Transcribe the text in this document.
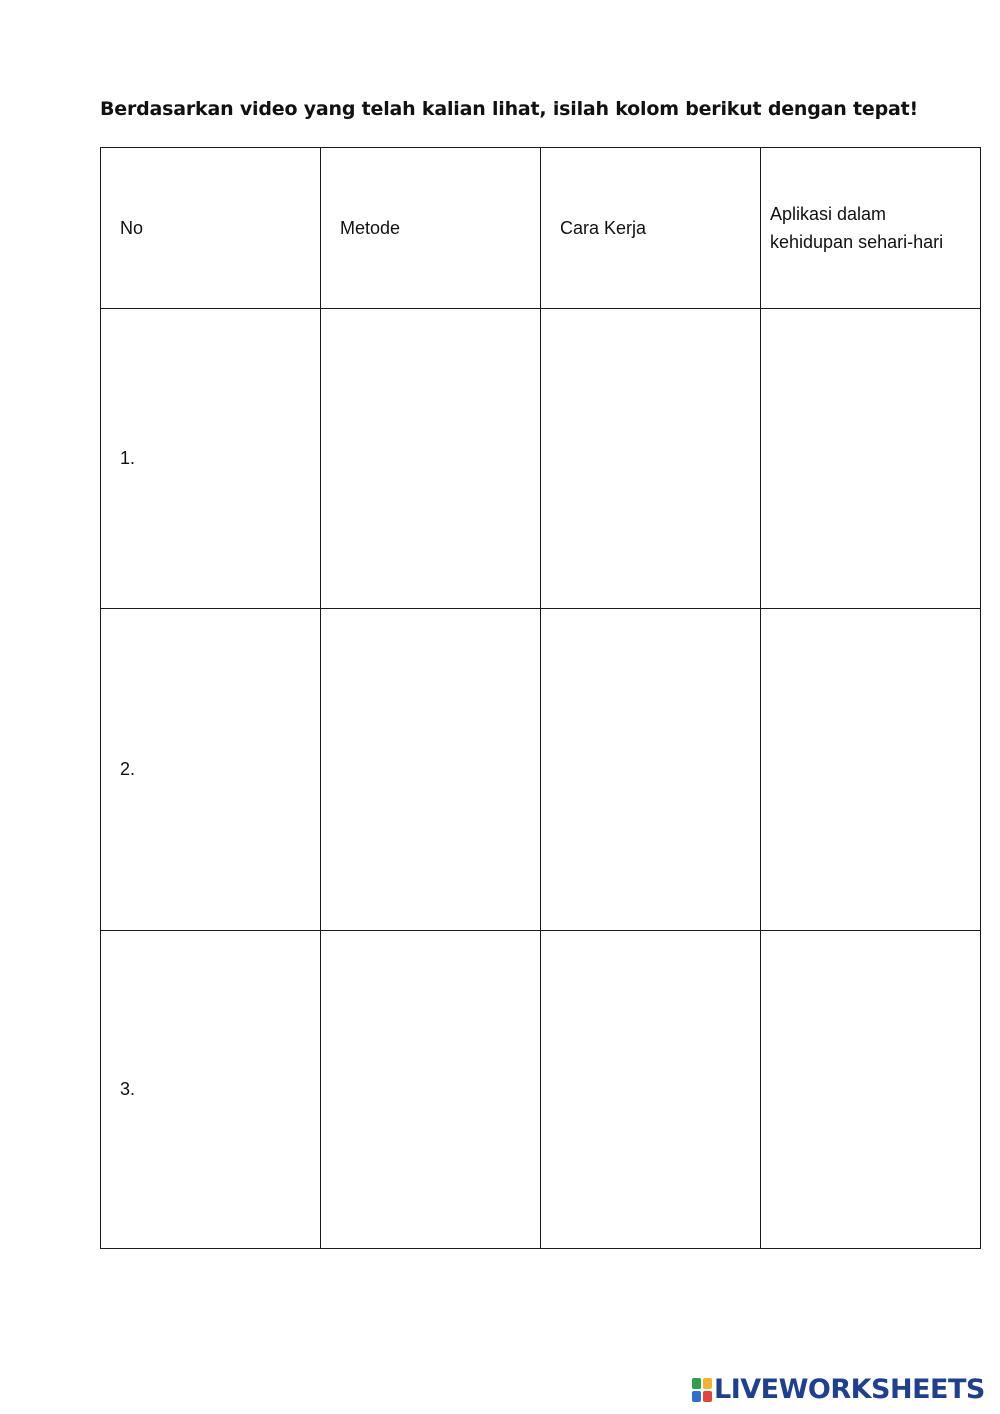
Berdasarkan video yang telah kalian lihat, isilah kolom berikut dengan tepat!
No	Metode	Cara Kerja	Aplikasi dalam kehidupan sehari-hari
1.			
2.			
3.			
LIVEWORKSHEETS
